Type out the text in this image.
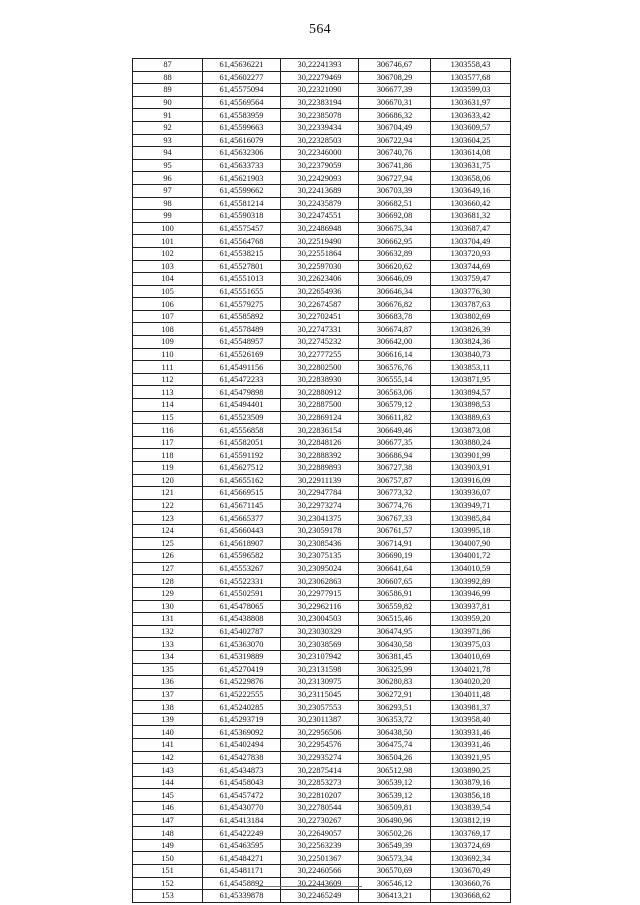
564
87	61,45636221	30,22241393	306746,67	1303558,43
88	61,45602277	30,22279469	306708,29	1303577,68
89	61,45575094	30,22321090	306677,39	1303599,03
90	61,45569564	30,22383194	306670,31	1303631,97
91	61,45583959	30,22385078	306686,32	1303633,42
92	61,45599663	30,22339434	306704,49	1303609,57
93	61,45616079	30,22328503	306722,94	1303604,25
94	61,45632306	30,22346000	306740,76	1303614,08
95	61,45633733	30,22379059	306741,86	1303631,75
96	61,45621903	30,22429093	306727,94	1303658,06
97	61,45599662	30,22413689	306703,39	1303649,16
98	61,45581214	30,22435879	306682,51	1303660,42
99	61,45590318	30,22474551	306692,08	1303681,32
100	61,45575457	30,22486948	306675,34	1303687,47
101	61,45564768	30,22519490	306662,95	1303704,49
102	61,45538215	30,22551864	306632,89	1303720,93
103	61,45527801	30,22597030	306620,62	1303744,69
104	61,45551013	30,22623406	306646,09	1303759,47
105	61,45551655	30,22654936	306646,34	1303776,30
106	61,45579275	30,22674587	306676,82	1303787,63
107	61,45585892	30,22702451	306683,78	1303802,69
108	61,45578489	30,22747331	306674,87	1303826,39
109	61,45548957	30,22745232	306642,00	1303824,36
110	61,45526169	30,22777255	306616,14	1303840,73
111	61,45491156	30,22802500	306576,76	1303853,11
112	61,45472233	30,22838930	306555,14	1303871,95
113	61,45479898	30,22880912	306563,06	1303894,57
114	61,45494401	30,22887500	306579,12	1303898,53
115	61,45523509	30,22869124	306611,82	1303889,63
116	61,45556858	30,22836154	306649,46	1303873,08
117	61,45582051	30,22848126	306677,35	1303880,24
118	61,45591192	30,22888392	306686,94	1303901,99
119	61,45627512	30,22889893	306727,38	1303903,91
120	61,45655162	30,22911139	306757,87	1303916,09
121	61,45669515	30,22947784	306773,32	1303936,07
122	61,45671145	30,22973274	306774,76	1303949,71
123	61,45665377	30,23041375	306767,33	1303985,84
124	61,45660443	30,23059178	306761,57	1303995,18
125	61,45618907	30,23085436	306714,91	1304007,90
126	61,45596582	30,23075135	306690,19	1304001,72
127	61,45553267	30,23095024	306641,64	1304010,59
128	61,45522331	30,23062863	306607,65	1303992,89
129	61,45502591	30,22977915	306586,91	1303946,99
130	61,45478065	30,22962116	306559,82	1303937,81
131	61,45438808	30,23004503	306515,46	1303959,20
132	61,45402787	30,23030329	306474,95	1303971,86
133	61,45363070	30,23038569	306430,58	1303975,03
134	61,45319889	30,23107942	306381,45	1304010,69
135	61,45270419	30,23131598	306325,99	1304021,78
136	61,45229876	30,23130975	306280,83	1304020,20
137	61,45222555	30,23115045	306272,91	1304011,48
138	61,45240285	30,23057553	306293,51	1303981,37
139	61,45293719	30,23011387	306353,72	1303958,40
140	61,45369092	30,22956506	306438,50	1303931,46
141	61,45402494	30,22954576	306475,74	1303931,46
142	61,45427838	30,22935274	306504,26	1303921,95
143	61,45434873	30,22875414	306512,98	1303890,25
144	61,45458043	30,22853273	306539,12	1303879,16
145	61,45457472	30,22810207	306539,12	1303856,18
146	61,45430770	30,22780544	306509,81	1303839,54
147	61,45413184	30,22730267	306490,96	1303812,19
148	61,45422249	30,22649057	306502,26	1303769,17
149	61,45463595	30,22563239	306549,39	1303724,69
150	61,45484271	30,22501367	306573,34	1303692,34
151	61,45481171	30,22460566	306570,69	1303670,49
152	61,45458892	30,22443609	306546,12	1303660,76
153	61,45339878	30,22465249	306413,21	1303668,62
